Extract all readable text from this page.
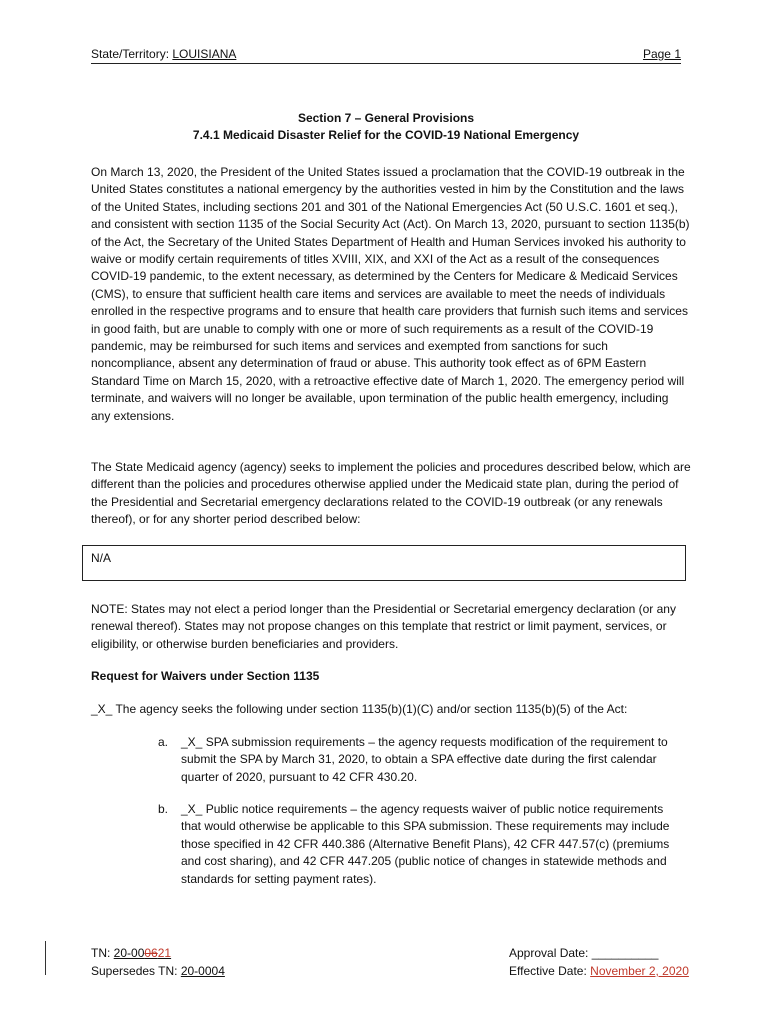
State/Territory: LOUISIANA	Page 1
Section 7 – General Provisions
7.4.1 Medicaid Disaster Relief for the COVID-19 National Emergency
On March 13, 2020, the President of the United States issued a proclamation that the COVID-19 outbreak in the United States constitutes a national emergency by the authorities vested in him by the Constitution and the laws of the United States, including sections 201 and 301 of the National Emergencies Act (50 U.S.C. 1601 et seq.), and consistent with section 1135 of the Social Security Act (Act). On March 13, 2020, pursuant to section 1135(b) of the Act, the Secretary of the United States Department of Health and Human Services invoked his authority to waive or modify certain requirements of titles XVIII, XIX, and XXI of the Act as a result of the consequences COVID-19 pandemic, to the extent necessary, as determined by the Centers for Medicare & Medicaid Services (CMS), to ensure that sufficient health care items and services are available to meet the needs of individuals enrolled in the respective programs and to ensure that health care providers that furnish such items and services in good faith, but are unable to comply with one or more of such requirements as a result of the COVID-19 pandemic, may be reimbursed for such items and services and exempted from sanctions for such noncompliance, absent any determination of fraud or abuse. This authority took effect as of 6PM Eastern Standard Time on March 15, 2020, with a retroactive effective date of March 1, 2020. The emergency period will terminate, and waivers will no longer be available, upon termination of the public health emergency, including any extensions.
The State Medicaid agency (agency) seeks to implement the policies and procedures described below, which are different than the policies and procedures otherwise applied under the Medicaid state plan, during the period of the Presidential and Secretarial emergency declarations related to the COVID-19 outbreak (or any renewals thereof), or for any shorter period described below:
N/A
NOTE: States may not elect a period longer than the Presidential or Secretarial emergency declaration (or any renewal thereof). States may not propose changes on this template that restrict or limit payment, services, or eligibility, or otherwise burden beneficiaries and providers.
Request for Waivers under Section 1135
_X_ The agency seeks the following under section 1135(b)(1)(C) and/or section 1135(b)(5) of the Act:
a. _X_ SPA submission requirements – the agency requests modification of the requirement to submit the SPA by March 31, 2020, to obtain a SPA effective date during the first calendar quarter of 2020, pursuant to 42 CFR 430.20.
b. _X_ Public notice requirements – the agency requests waiver of public notice requirements that would otherwise be applicable to this SPA submission. These requirements may include those specified in 42 CFR 440.386 (Alternative Benefit Plans), 42 CFR 447.57(c) (premiums and cost sharing), and 42 CFR 447.205 (public notice of changes in statewide methods and standards for setting payment rates).
TN: 20-000621
Supersedes TN: 20-0004
Approval Date: __________
Effective Date: November 2, 2020
